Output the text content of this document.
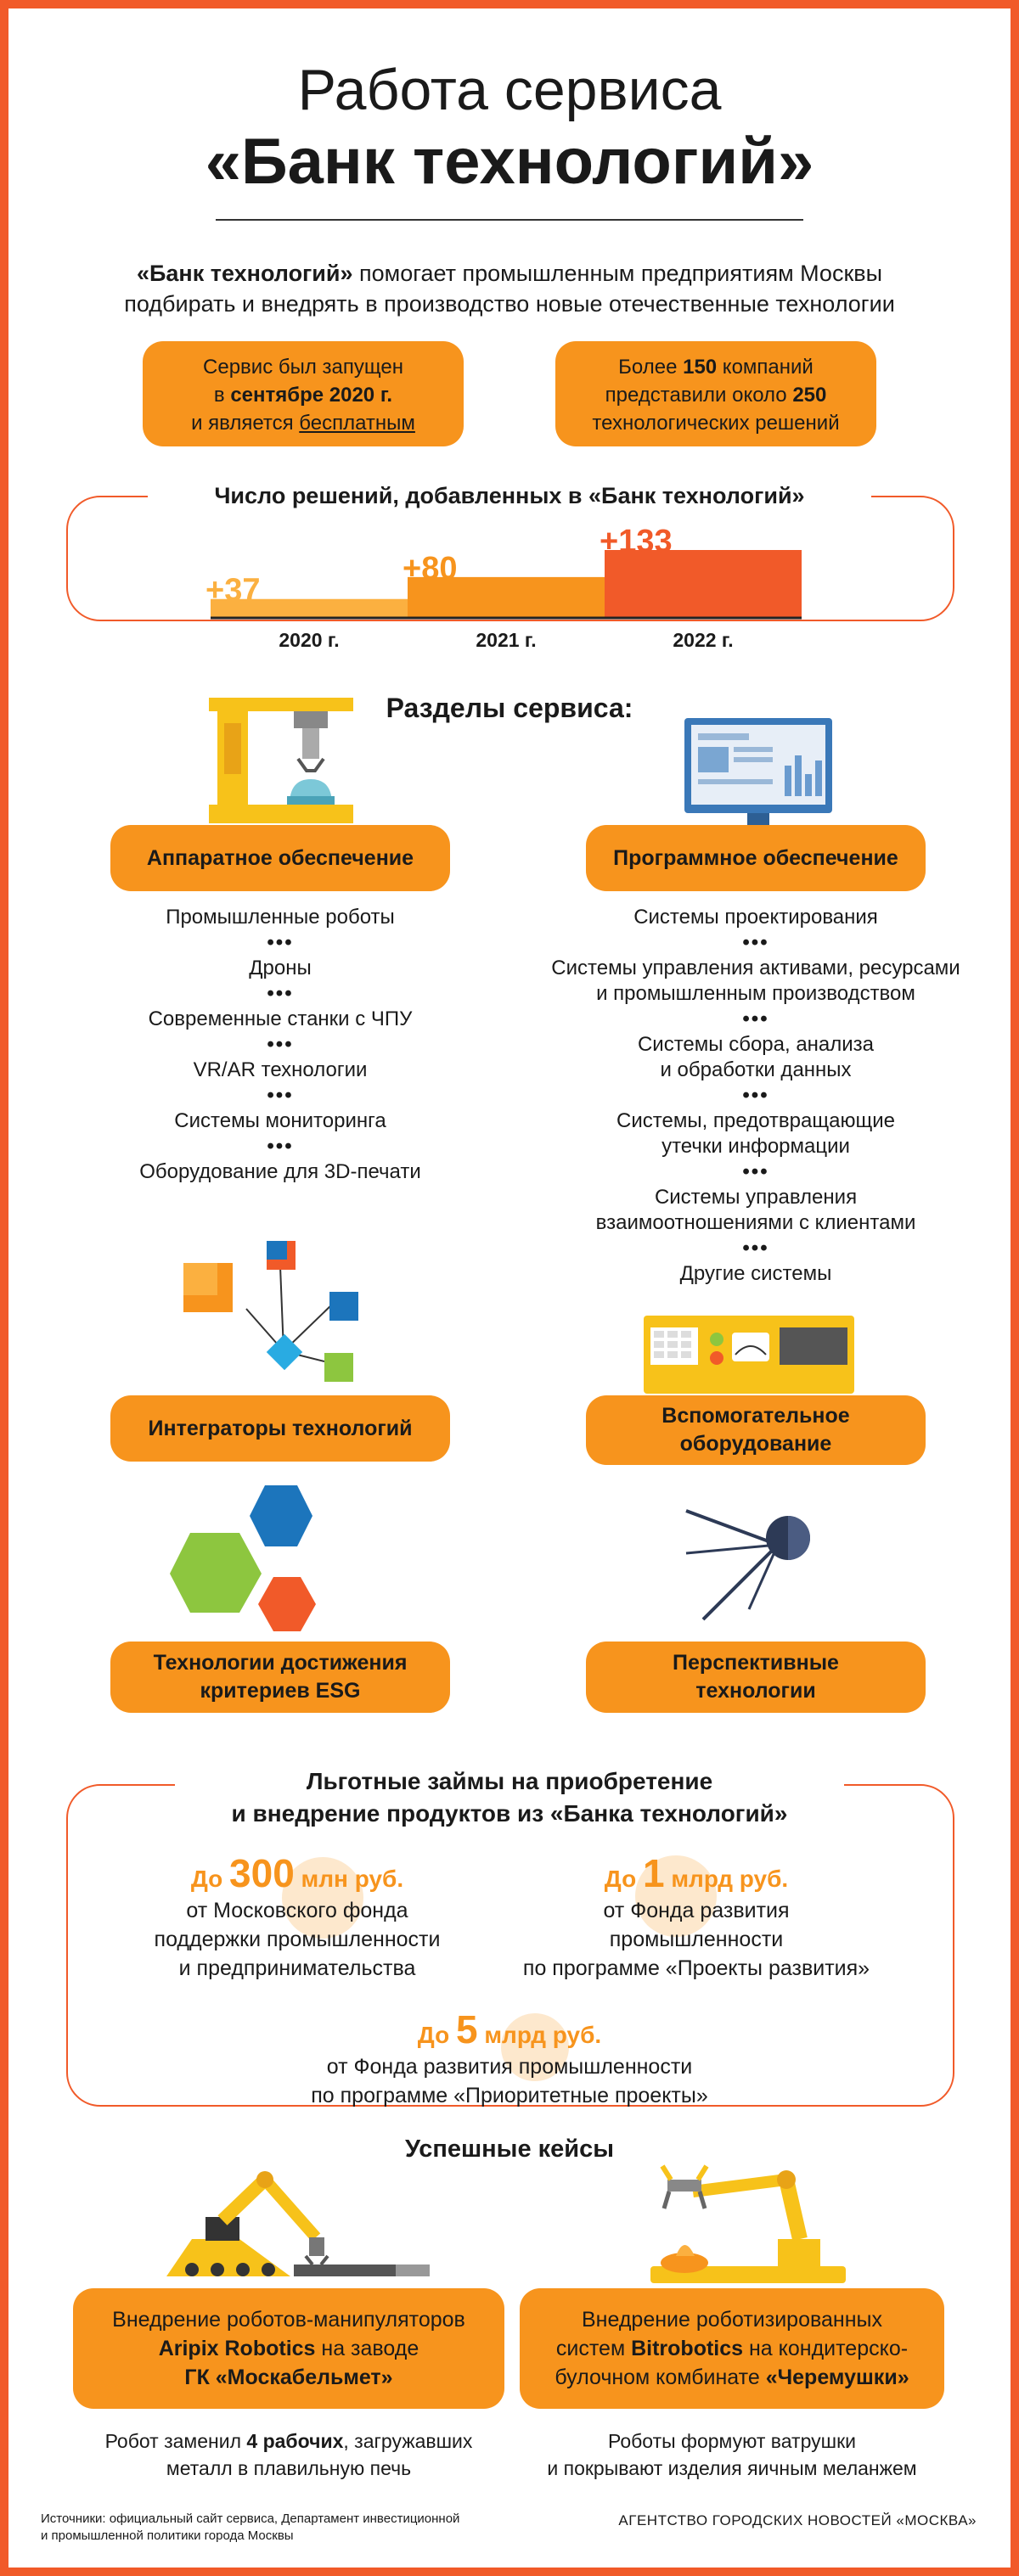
Работа сервиса
«Банк технологий»
«Банк технологий» помогает промышленным предприятиям Москвы
подбирать и внедрять в производство новые отечественные технологии
Сервис был запущен
в сентябре 2020 г.
и является бесплатным
Более 150 компаний
представили около 250
технологических решений
Число решений, добавленных в «Банк технологий»
+37
2020 г.
+80
2021 г.
+133
2022 г.
Разделы сервиса:
Аппаратное обеспечение	Программное обеспечение
Промышленные роботы
•••
Дроны
•••
Современные станки с ЧПУ
•••
VR/AR технологии
•••
Системы мониторинга
•••
Оборудование для 3D-печати
Системы проектирования
•••
Системы управления активами, ресурсами
и промышленным производством
•••
Системы сбора, анализа
и обработки данных
•••
Системы, предотвращающие
утечки информации
•••
Системы управления
взаимоотношениями с клиентами
•••
Другие системы
Интеграторы технологий
Вспомогательное
оборудование
Технологии достижения
критериев ESG
Перспективные
технологии
Льготные займы на приобретение
и внедрение продуктов из «Банка технологий»
До 300 млн руб.
от Московского фонда
поддержки промышленности
и предпринимательства
До 1 млрд руб.
от Фонда развития
промышленности
по программе «Проекты развития»
До 5 млрд руб.
от Фонда развития промышленности
по программе «Приоритетные проекты»
Успешные кейсы
Внедрение роботов-манипуляторов
Aripix Robotics на заводе
ГК «Москабельмет»
Внедрение роботизированных
систем Bitrobotics на кондитерско-
булочном комбинате «Черемушки»
Робот заменил 4 рабочих, загружавших
металл в плавильную печь
Роботы формуют ватрушки
и покрывают изделия яичным меланжем
Источники: официальный сайт сервиса, Департамент инвестиционной
и промышленной политики города Москвы
АГЕНТСТВО ГОРОДСКИХ НОВОСТЕЙ «МОСКВА»
